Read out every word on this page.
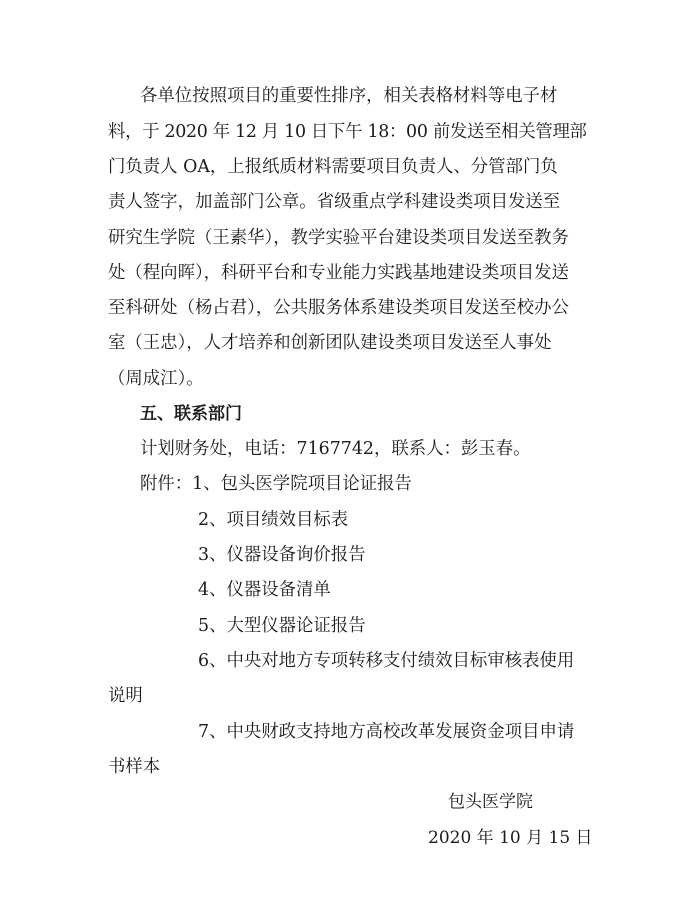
各单位按照项目的重要性排序，相关表格材料等电子材
料，于 2020 年 12 月 10 日下午 18：00 前发送至相关管理部
门负责人 OA，上报纸质材料需要项目负责人、分管部门负
责人签字，加盖部门公章。省级重点学科建设类项目发送至
研究生学院（王素华），教学实验平台建设类项目发送至教务
处（程向晖），科研平台和专业能力实践基地建设类项目发送
至科研处（杨占君），公共服务体系建设类项目发送至校办公
室（王忠），人才培养和创新团队建设类项目发送至人事处
（周成江）。
五、联系部门
计划财务处，电话：7167742，联系人：彭玉春。
附件：1、包头医学院项目论证报告
2、项目绩效目标表
3、仪器设备询价报告
4、仪器设备清单
5、大型仪器论证报告
6、中央对地方专项转移支付绩效目标审核表使用
说明
7、中央财政支持地方高校改革发展资金项目申请
书样本
包头医学院
2020 年 10 月 15 日
